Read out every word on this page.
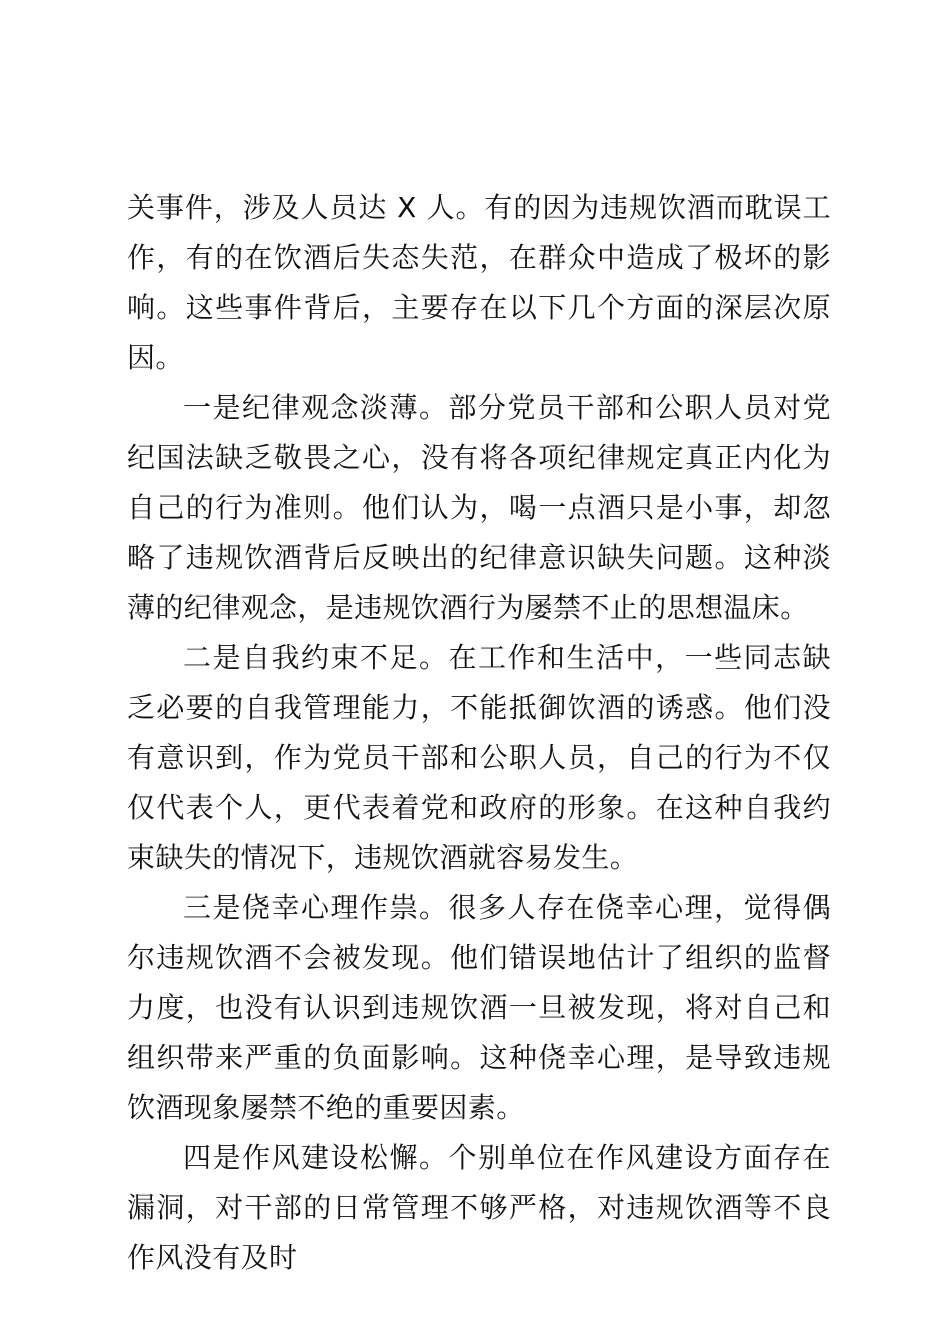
关事件，涉及人员达 X 人。有的因为违规饮酒而耽误工作，有的在饮酒后失态失范，在群众中造成了极坏的影响。这些事件背后，主要存在以下几个方面的深层次原因。

一是纪律观念淡薄。部分党员干部和公职人员对党纪国法缺乏敬畏之心，没有将各项纪律规定真正内化为自己的行为准则。他们认为，喝一点酒只是小事，却忽略了违规饮酒背后反映出的纪律意识缺失问题。这种淡薄的纪律观念，是违规饮酒行为屡禁不止的思想温床。

二是自我约束不足。在工作和生活中，一些同志缺乏必要的自我管理能力，不能抵御饮酒的诱惑。他们没有意识到，作为党员干部和公职人员，自己的行为不仅仅代表个人，更代表着党和政府的形象。在这种自我约束缺失的情况下，违规饮酒就容易发生。

三是侥幸心理作祟。很多人存在侥幸心理，觉得偶尔违规饮酒不会被发现。他们错误地估计了组织的监督力度，也没有认识到违规饮酒一旦被发现，将对自己和组织带来严重的负面影响。这种侥幸心理，是导致违规饮酒现象屡禁不绝的重要因素。

四是作风建设松懈。个别单位在作风建设方面存在漏洞，对干部的日常管理不够严格，对违规饮酒等不良作风没有及时
